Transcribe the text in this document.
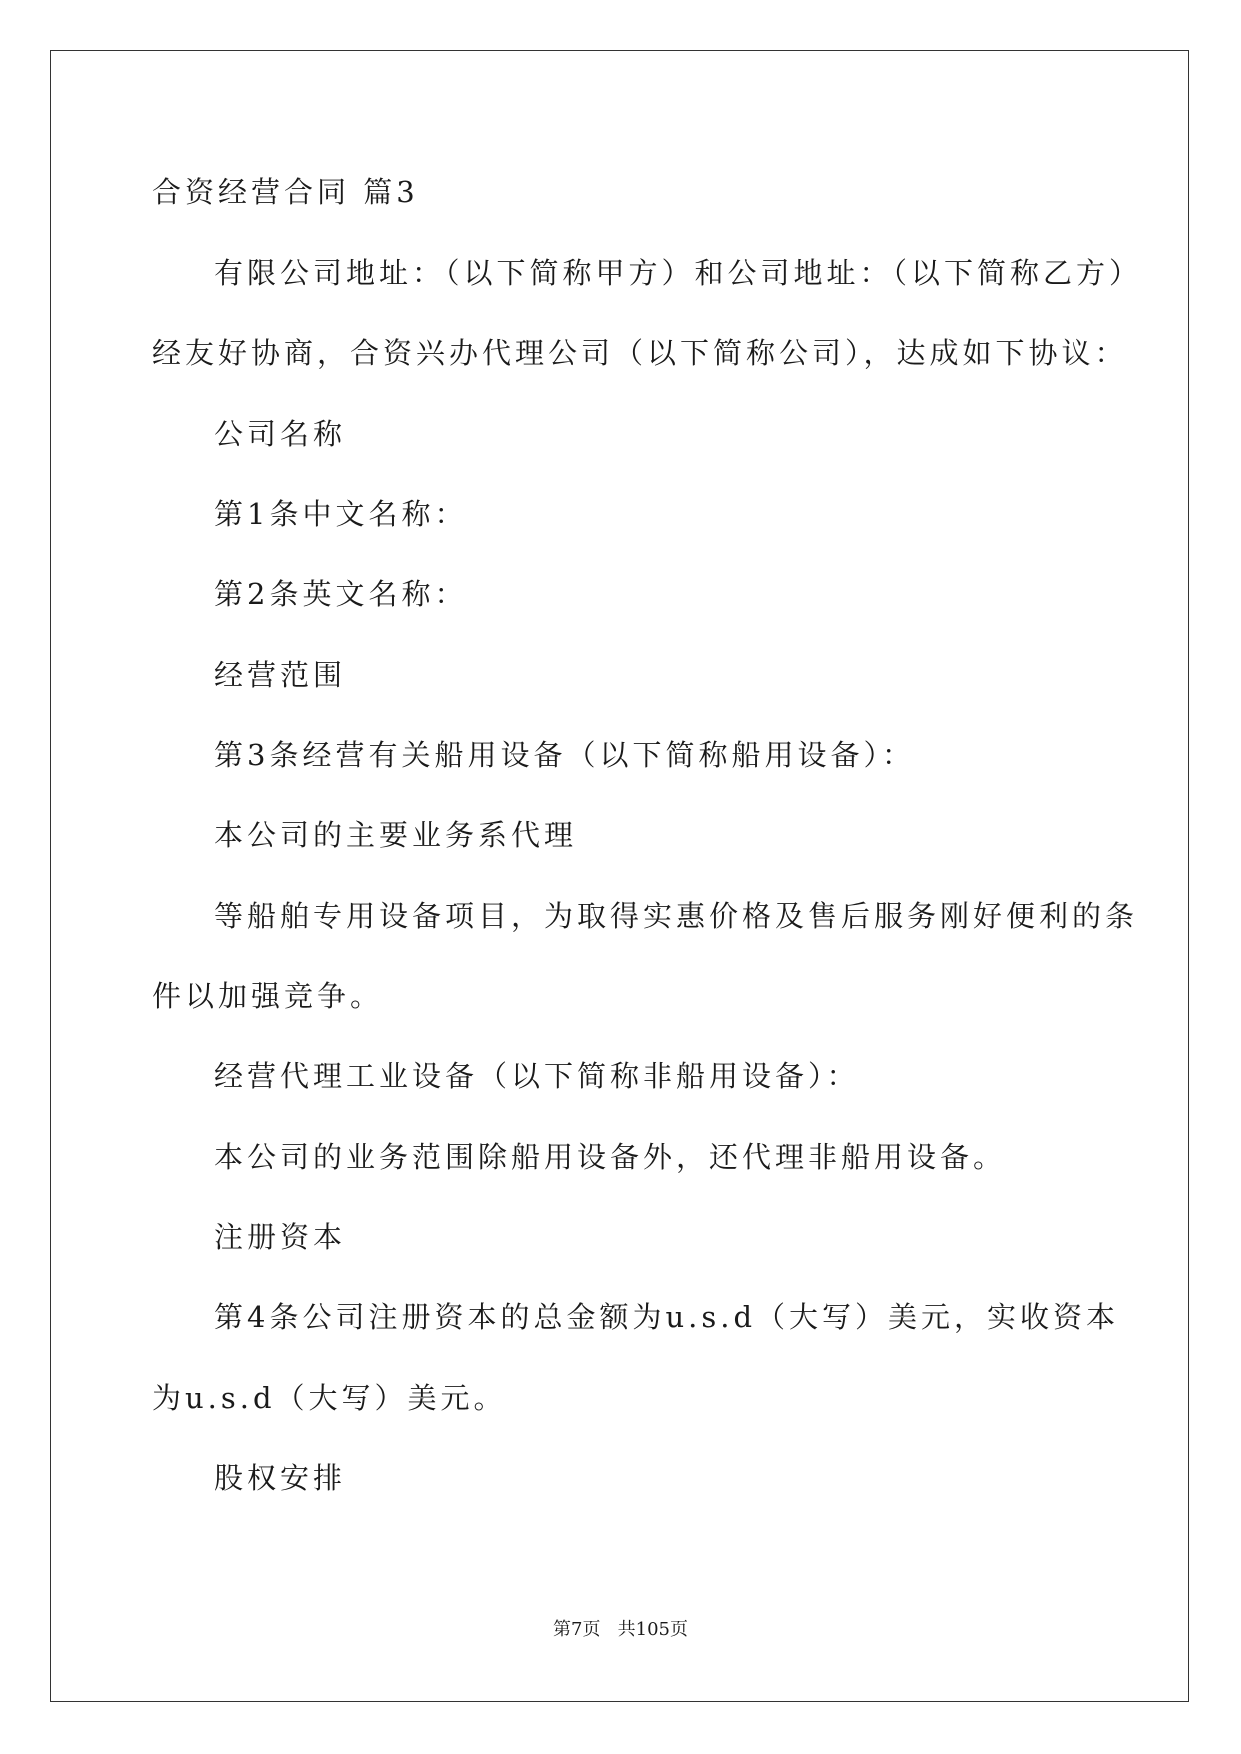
合资经营合同 篇3
有限公司地址：（以下简称甲方）和公司地址：（以下简称乙方）
经友好协商，合资兴办代理公司（以下简称公司），达成如下协议：
公司名称
第1条中文名称：
第2条英文名称：
经营范围
第3条经营有关船用设备（以下简称船用设备）：
本公司的主要业务系代理
等船舶专用设备项目，为取得实惠价格及售后服务刚好便利的条
件以加强竞争。
经营代理工业设备（以下简称非船用设备）：
本公司的业务范围除船用设备外，还代理非船用设备。
注册资本
第4条公司注册资本的总金额为u.s.d（大写）美元，实收资本
为u.s.d（大写）美元。
股权安排
第7页 共105页
